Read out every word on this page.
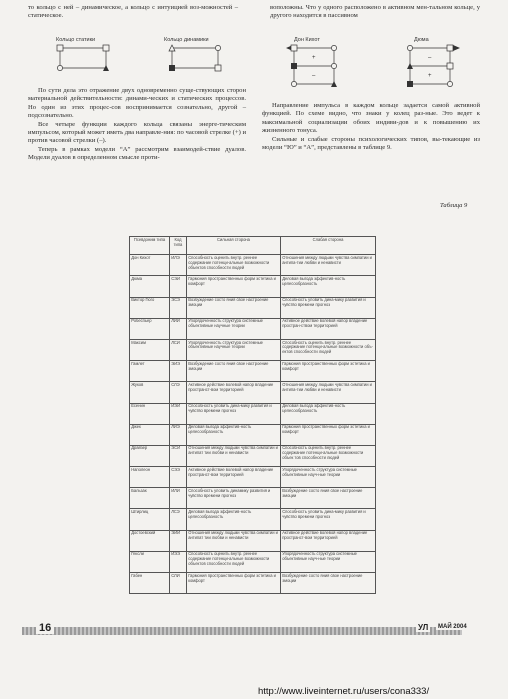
то кольцо с ней – динамическое, а кольцо с интуицией воз-можностей – статическое.

воположны. Что у одного расположено в активном мен-тальном кольце, у другого находится в пассивном

Кольцо статики	Кольцо динамики	Дон Кихот
+
–
Дюма
–
+

По сути дела это отражение двух одновременно суще-ствующих сторон материальной действительности: динами-ческих и статических процессов. Но один из этих процес-сов воспринимается сознательно, другой – подсознательно.

Все четыре функции каждого кольца связаны энерге-тическим импульсом, который может иметь два направле-ния: по часовой стрелке (+) и против часовой стрелки (–).

Теперь в рамках модели “А” рассмотрим взаимодей-ствие дуалов. Модели дуалов в определенном смысле проти-

Направление импульса в каждом кольце задается самой активной функцией. По схеме видно, что знаки у колец раз-ные. Это ведет к максимальной социализации обоих индиви-дов и к повышению их жизненного тонуса.

Сильные и слабые стороны психологических типов, вы-текающие из модели “Ю” и “А”, представлены в таблице 9.

Таблица 9
Псевдоним типа	Код типа	Сильная сторона	Слабая сторона
Дон Кихот	ИЛЭ	Способность оценить внутр. реннее содержание потенци-альные возможности объектов способности людей	Отношения между людьми чувства симпатии и антипа-тии любви и ненависти
Дюма	СЭИ	Гармония пространственных форм эстетика и комфорт	Деловая выгода эффектив-ность целесообразность
Виктор Гюго	ЭСЭ	Возбуждение состо яния свое настроение эмоции	Способность уловить дина-мику развития и чувство времени прогноз
Робеспьер	ЛИИ	Упорядоченность структура системные объективные научные теории	Активное действие волевой напор владение простран-ством территорией
Максим	ЛСИ	Упорядоченность структура системные объективные научные теории	Способность оценить внутр. реннее содержание потенци-альные возможности объ-ектов способности людей
Гамлет	ЭИЭ	Возбуждение состо яния свое настроение эмоции	Гармония пространственных форм эстетика и комфорт
Жуков	СЛЭ	Активное действие волевой напор владение пространст-вом территорией	Отношения между людьми чувства симпатии и антипа-тии любви и ненависти
Есенин	ИЭИ	Способность уловить дина-мику развития и чувство времени прогноз	Деловая выгода эффектив-ность целесообразность
Джек	ЛИЭ	Деловая выгода эффектив-ность целесообразность	Гармония пространственных форм эстетика и комфорт
Драйзер	ЭСИ	Отношения между людьми чувства симпатии и антипат тии любви и ненависти	Способность оценить внутр. реннее содержание потенци-альные возможности объек тов способности людей
Наполеон	СЭЭ	Активное действие волевой напор владение пространст-вом территорией	Упорядоченность структура системные объективные науч-ные теории
Бальзак	ИЛИ	Способность уловить динамику развития и чувство времени прогноз	Возбуждение состо яния свое настроение эмоции
Штирлиц	ЛСЭ	Деловая выгода эффектив-ность целесообразность	Способность уловить дина-мику развития и чувство времени прогноз
Достоевский	ЭИИ	Отношения между людьми чувства симпатии и антипат тии любви и ненависти	Активное действие волевой напор владение пространст-вом территорией
Гексли	ИЭЭ	Способность оценить внутр. реннее содержание потенци-альные возможности объектов способности людей	Упорядоченность структура системные объективные науч-ные теории
Габен	СЛИ	Гармония пространственных форм эстетика и комфорт	Возбуждение состо яния свое настроение эмоции
16	УЛ	МАЙ 2004
http://www.liveinternet.ru/users/cona333/
